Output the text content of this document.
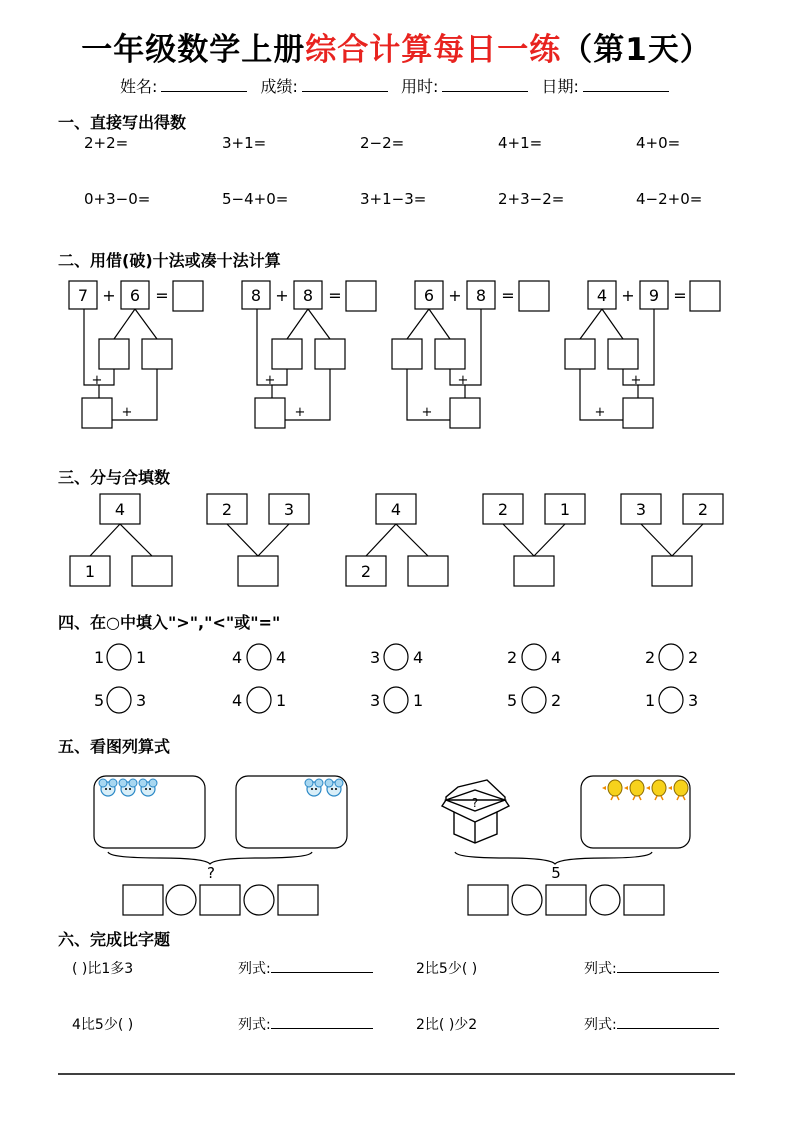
一年级数学上册综合计算每日一练（第1天）
姓名:	成绩:	用时:	日期:
一、直接写出得数
2+2=	3+1=	2−2=	4+1=	4+0=
0+3−0=	5−4+0=	3+1−3=	2+3−2=	4−2+0=
二、用借(破)十法或凑十法计算
7 + 6 =	8 + 8 =	6 + 8 =	4 + 9 =
+
+
+
+
+
+
+
+
4
1
2	3	4
2
2	1	3	2
?	5
?
三、分与合填数
四、在○中填入">","<"或"="
1 1	4 4	3 4	2 4	2 2
5 3	4 1	3 1	5 2	1 3
五、看图列算式
六、完成比字题
( )比1多3	列式:	2比5少( )	列式:
4比5少( )	列式:	2比( )少2	列式:
